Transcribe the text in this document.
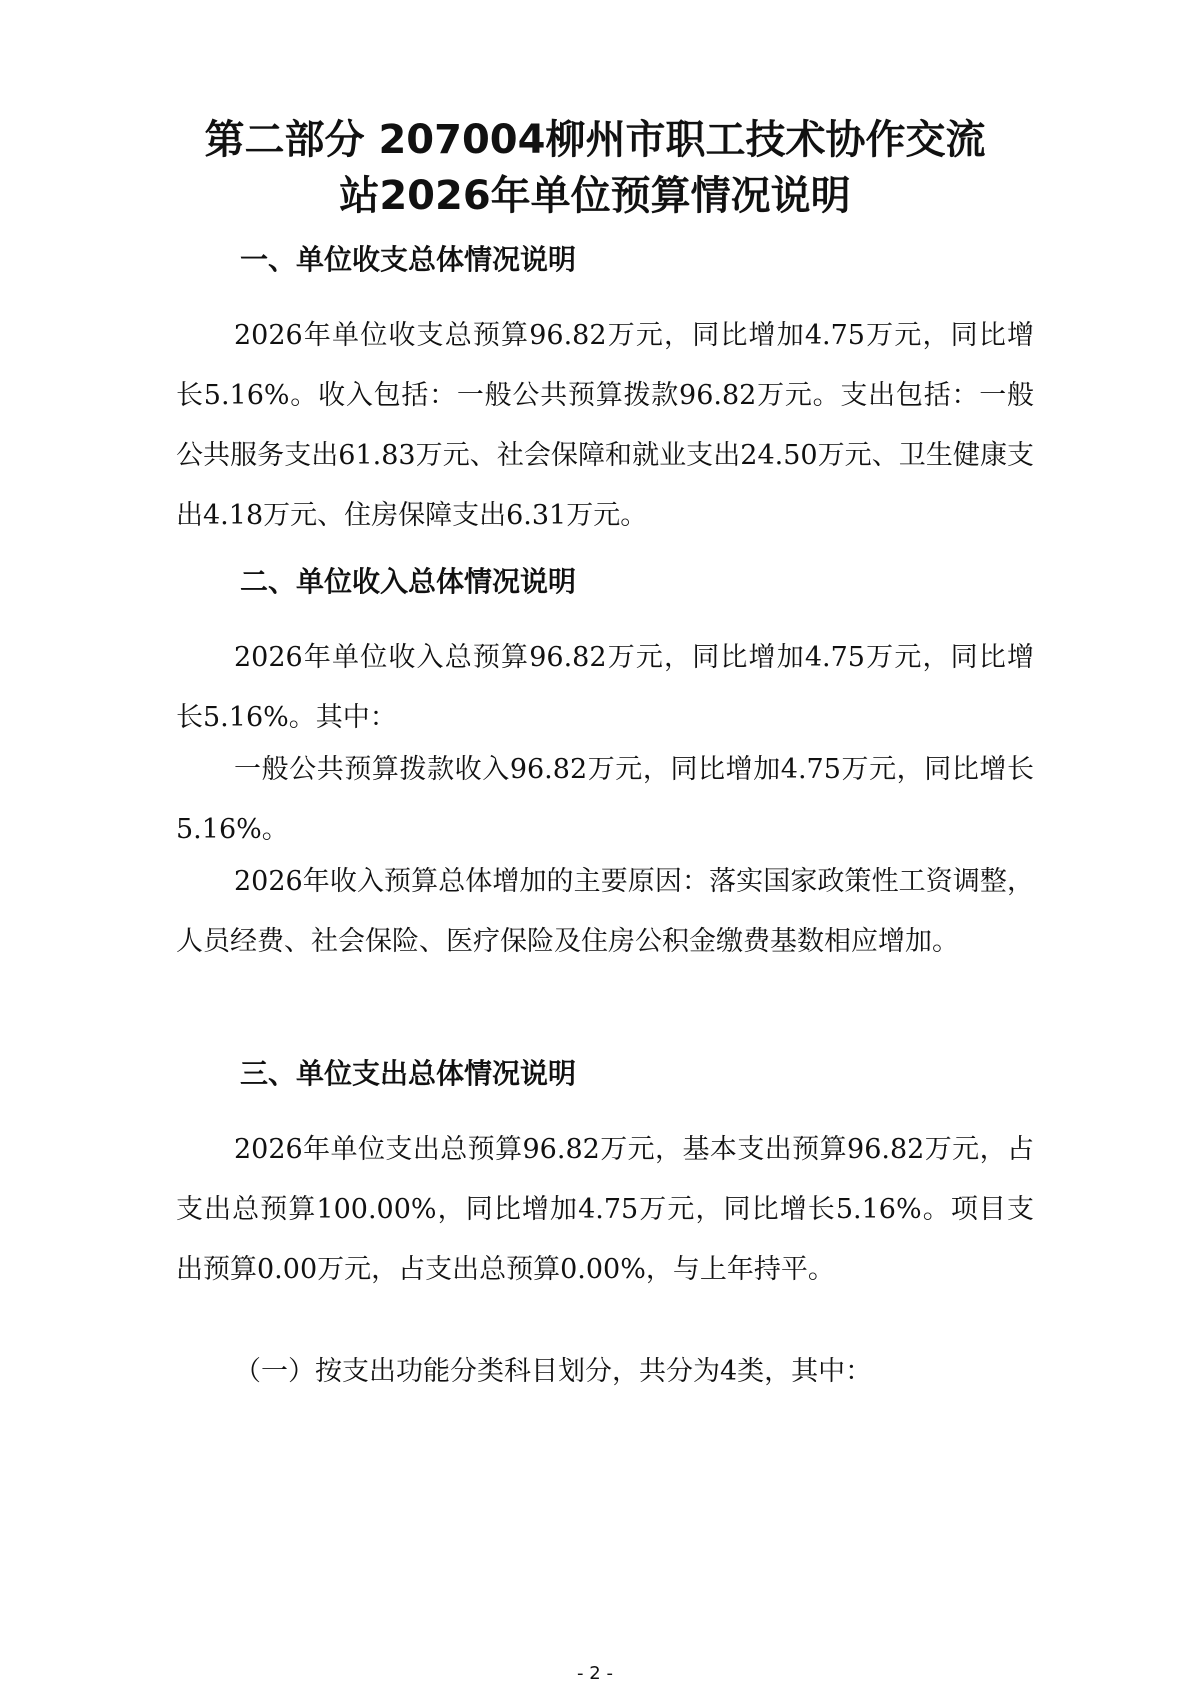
第二部分 207004柳州市职工技术协作交流
站2026年单位预算情况说明
一、单位收支总体情况说明

2026年单位收支总预算96.82万元，同比增加4.75万元，同比增长5.16%。收入包括：一般公共预算拨款96.82万元。支出包括：一般公共服务支出61.83万元、社会保障和就业支出24.50万元、卫生健康支出4.18万元、住房保障支出6.31万元。

二、单位收入总体情况说明

2026年单位收入总预算96.82万元，同比增加4.75万元，同比增长5.16%。其中：

一般公共预算拨款收入96.82万元，同比增加4.75万元，同比增长5.16%。

2026年收入预算总体增加的主要原因：落实国家政策性工资调整，人员经费、社会保险、医疗保险及住房公积金缴费基数相应增加。

三、单位支出总体情况说明

2026年单位支出总预算96.82万元，基本支出预算96.82万元，占支出总预算100.00%，同比增加4.75万元，同比增长5.16%。项目支出预算0.00万元，占支出总预算0.00%，与上年持平。

（一）按支出功能分类科目划分，共分为4类，其中：

- 2 -
